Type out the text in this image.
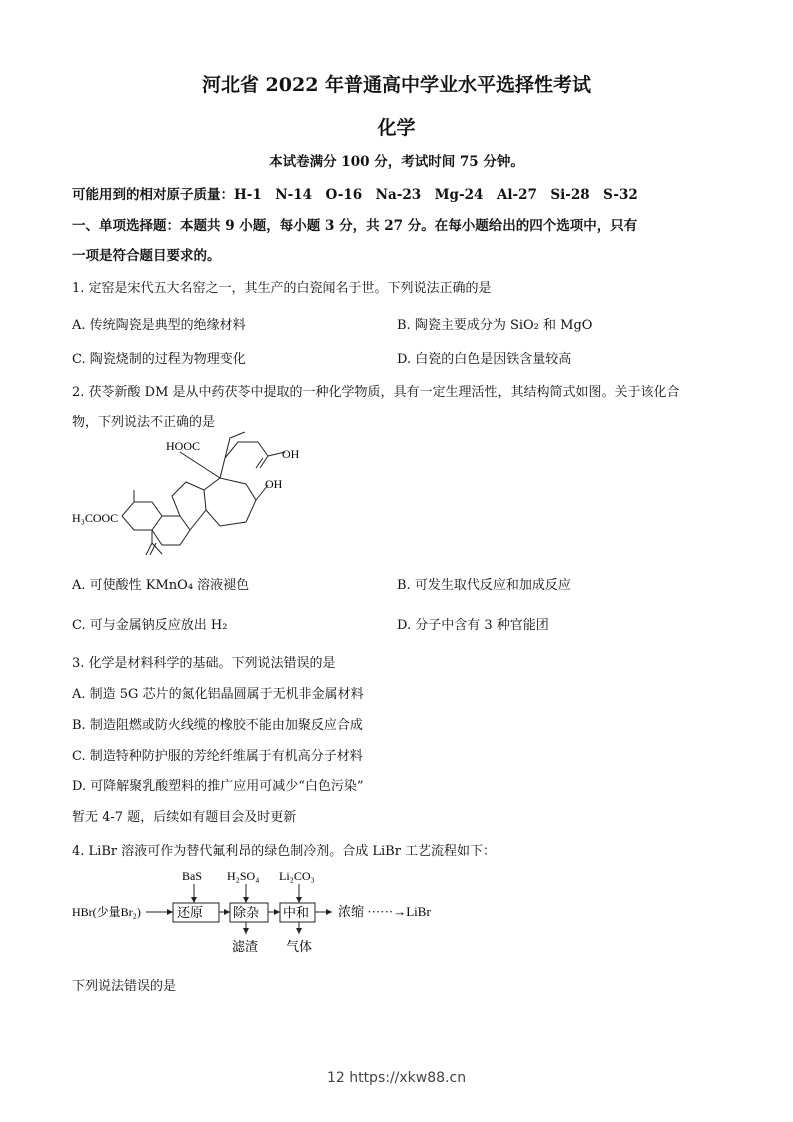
河北省 2022 年普通高中学业水平选择性考试
化学
本试卷满分 100 分，考试时间 75 分钟。
可能用到的相对原子质量：H-1　N-14　O-16　Na-23　Mg-24　Al-27　Si-28　S-32
一、单项选择题：本题共 9 小题，每小题 3 分，共 27 分。在每小题给出的四个选项中，只有
一项是符合题目要求的。
1. 定窑是宋代五大名窑之一，其生产的白瓷闻名于世。下列说法正确的是
A. 传统陶瓷是典型的绝缘材料	B. 陶瓷主要成分为 SiO₂ 和 MgO
C. 陶瓷烧制的过程为物理变化	D. 白瓷的白色是因铁含量较高
2. 茯苓新酸 DM 是从中药茯苓中提取的一种化学物质，具有一定生理活性，其结构简式如图。关于该化合
物，下列说法不正确的是
HOOC
OH
OH
H₃COOC
A. 可使酸性 KMnO₄ 溶液褪色	B. 可发生取代反应和加成反应
C. 可与金属钠反应放出 H₂	D. 分子中含有 3 种官能团
3. 化学是材料科学的基础。下列说法错误的是
A. 制造 5G 芯片的氮化铝晶圆属于无机非金属材料
B. 制造阻燃或防火线缆的橡胶不能由加聚反应合成
C. 制造特种防护服的芳纶纤维属于有机高分子材料
D. 可降解聚乳酸塑料的推广应用可减少“白色污染”
暂无 4-7 题，后续如有题目会及时更新
4. LiBr 溶液可作为替代氟利昂的绿色制冷剂。合成 LiBr 工艺流程如下：
HBr(少量Br₂)
BaS H₂SO₄ Li₂CO₃
还原 除杂 中和 浓缩 ······→LiBr
滤渣 气体
下列说法错误的是
12 https://xkw88.cn
